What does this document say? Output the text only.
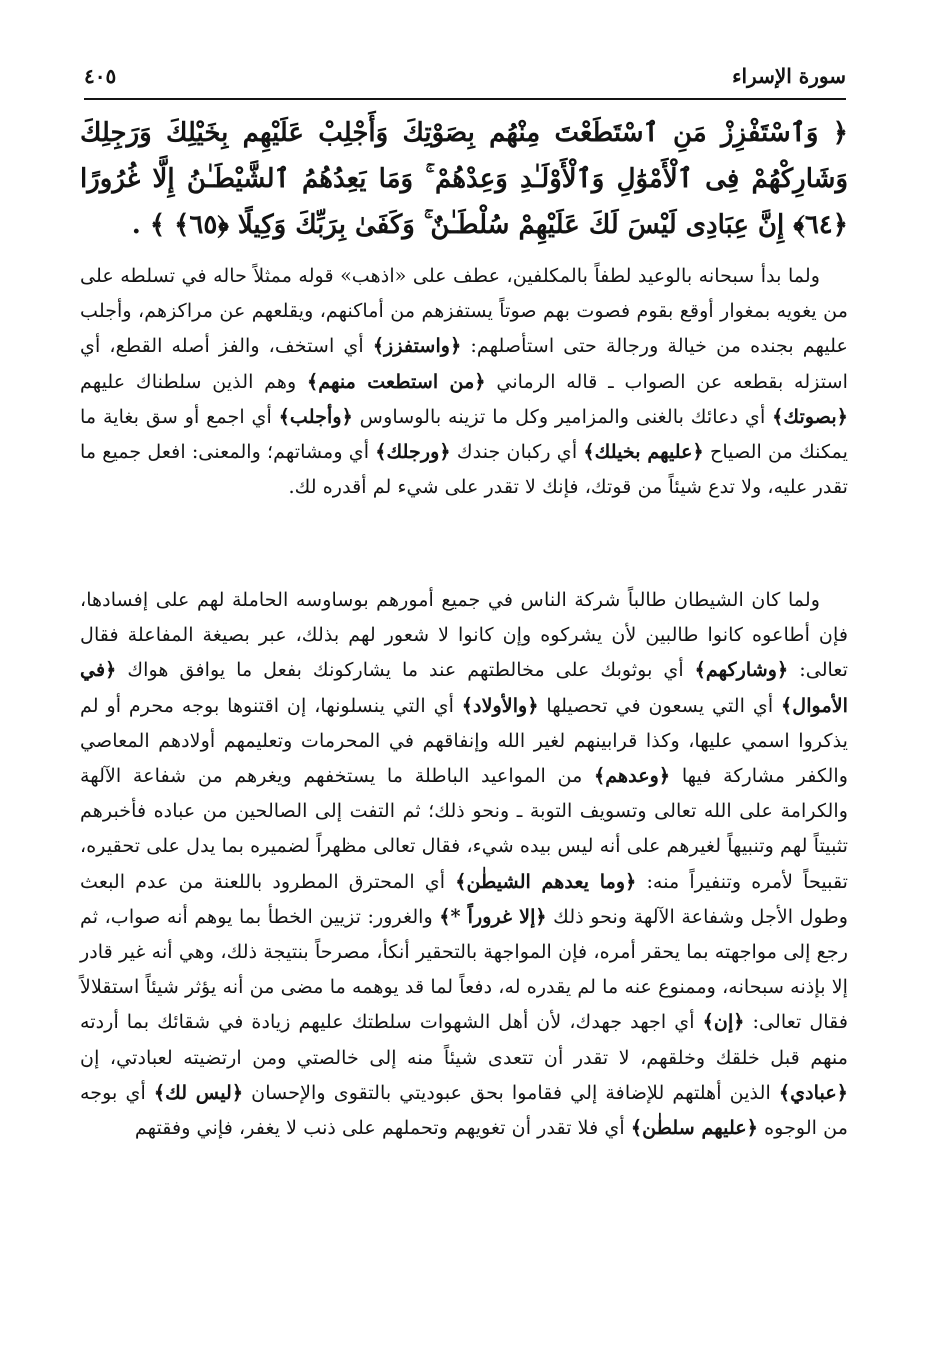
سورة الإسراء
٤٠٥
﴿ وَٱسْتَفْزِزْ مَنِ ٱسْتَطَعْتَ مِنْهُم بِصَوْتِكَ وَأَجْلِبْ عَلَيْهِم بِخَيْلِكَ وَرَجِلِكَ وَشَارِكْهُمْ فِى ٱلْأَمْوَٰلِ وَٱلْأَوْلَـٰدِ وَعِدْهُمْ ۚ وَمَا يَعِدُهُمُ ٱلشَّيْطَـٰنُ إِلَّا غُرُورًا ﴿٦٤﴾ إِنَّ عِبَادِى لَيْسَ لَكَ عَلَيْهِمْ سُلْطَـٰنٌ ۚ وَكَفَىٰ بِرَبِّكَ وَكِيلًا ﴿٦٥﴾ ﴾ .

ولما بدأ سبحانه بالوعيد لطفاً بالمكلفين، عطف على «اذهب» قوله ممثلاً حاله في تسلطه على من يغويه بمغوار أوقع بقوم فصوت بهم صوتاً يستفزهم من أماكنهم، ويقلعهم عن مراكزهم، وأجلب عليهم بجنده من خيالة ورجالة حتى استأصلهم: ﴿واستفزز﴾ أي استخف، والفز أصله القطع، أي استزله بقطعه عن الصواب ـ قاله الرماني ﴿من استطعت منهم﴾ وهم الذين سلطناك عليهم ﴿بصوتك﴾ أي دعائك بالغنى والمزامير وكل ما تزينه بالوساوس ﴿وأجلب﴾ أي اجمع أو سق بغاية ما يمكنك من الصياح ﴿عليهم بخيلك﴾ أي ركبان جندك ﴿ورجلك﴾ أي ومشاتهم؛ والمعنى: افعل جميع ما تقدر عليه، ولا تدع شيئاً من قوتك، فإنك لا تقدر على شيء لم أقدره لك.

ولما كان الشيطان طالباً شركة الناس في جميع أمورهم بوساوسه الحاملة لهم على إفسادها، فإن أطاعوه كانوا طالبين لأن يشركوه وإن كانوا لا شعور لهم بذلك، عبر بصيغة المفاعلة فقال تعالى: ﴿وشاركهم﴾ أي بوثوبك على مخالطتهم عند ما يشاركونك بفعل ما يوافق هواك ﴿في الأموال﴾ أي التي يسعون في تحصيلها ﴿والأولاد﴾ أي التي ينسلونها، إن اقتنوها بوجه محرم أو لم يذكروا اسمي عليها، وكذا قرابينهم لغير الله وإنفاقهم في المحرمات وتعليمهم أولادهم المعاصي والكفر مشاركة فيها ﴿وعدهم﴾ من المواعيد الباطلة ما يستخفهم ويغرهم من شفاعة الآلهة والكرامة على الله تعالى وتسويف التوبة ـ ونحو ذلك؛ ثم التفت إلى الصالحين من عباده فأخبرهم تثبيتاً لهم وتنبيهاً لغيرهم على أنه ليس بيده شيء، فقال تعالى مظهراً لضميره بما يدل على تحقيره، تقبيحاً لأمره وتنفيراً منه: ﴿وما يعدهم الشيطٰن﴾ أي المحترق المطرود باللعنة من عدم البعث وطول الأجل وشفاعة الآلهة ونحو ذلك ﴿إلا غروراً *﴾ والغرور: تزيين الخطأ بما يوهم أنه صواب، ثم رجع إلى مواجهته بما يحقر أمره، فإن المواجهة بالتحقير أنكأ، مصرحاً بنتيجة ذلك، وهي أنه غير قادر إلا بإذنه سبحانه، وممنوع عنه ما لم يقدره له، دفعاً لما قد يوهمه ما مضى من أنه يؤثر شيئاً استقلالاً فقال تعالى: ﴿إن﴾ أي اجهد جهدك، لأن أهل الشهوات سلطتك عليهم زيادة في شقائك بما أردته منهم قبل خلقك وخلقهم، لا تقدر أن تتعدى شيئاً منه إلى خالصتي ومن ارتضيته لعبادتي، إن ﴿عبادي﴾ الذين أهلتهم للإضافة إلي فقاموا بحق عبوديتي بالتقوى والإحسان ﴿ليس لك﴾ أي بوجه من الوجوه ﴿عليهم سلطٰن﴾ أي فلا تقدر أن تغويهم وتحملهم على ذنب لا يغفر، فإني وفقتهم
